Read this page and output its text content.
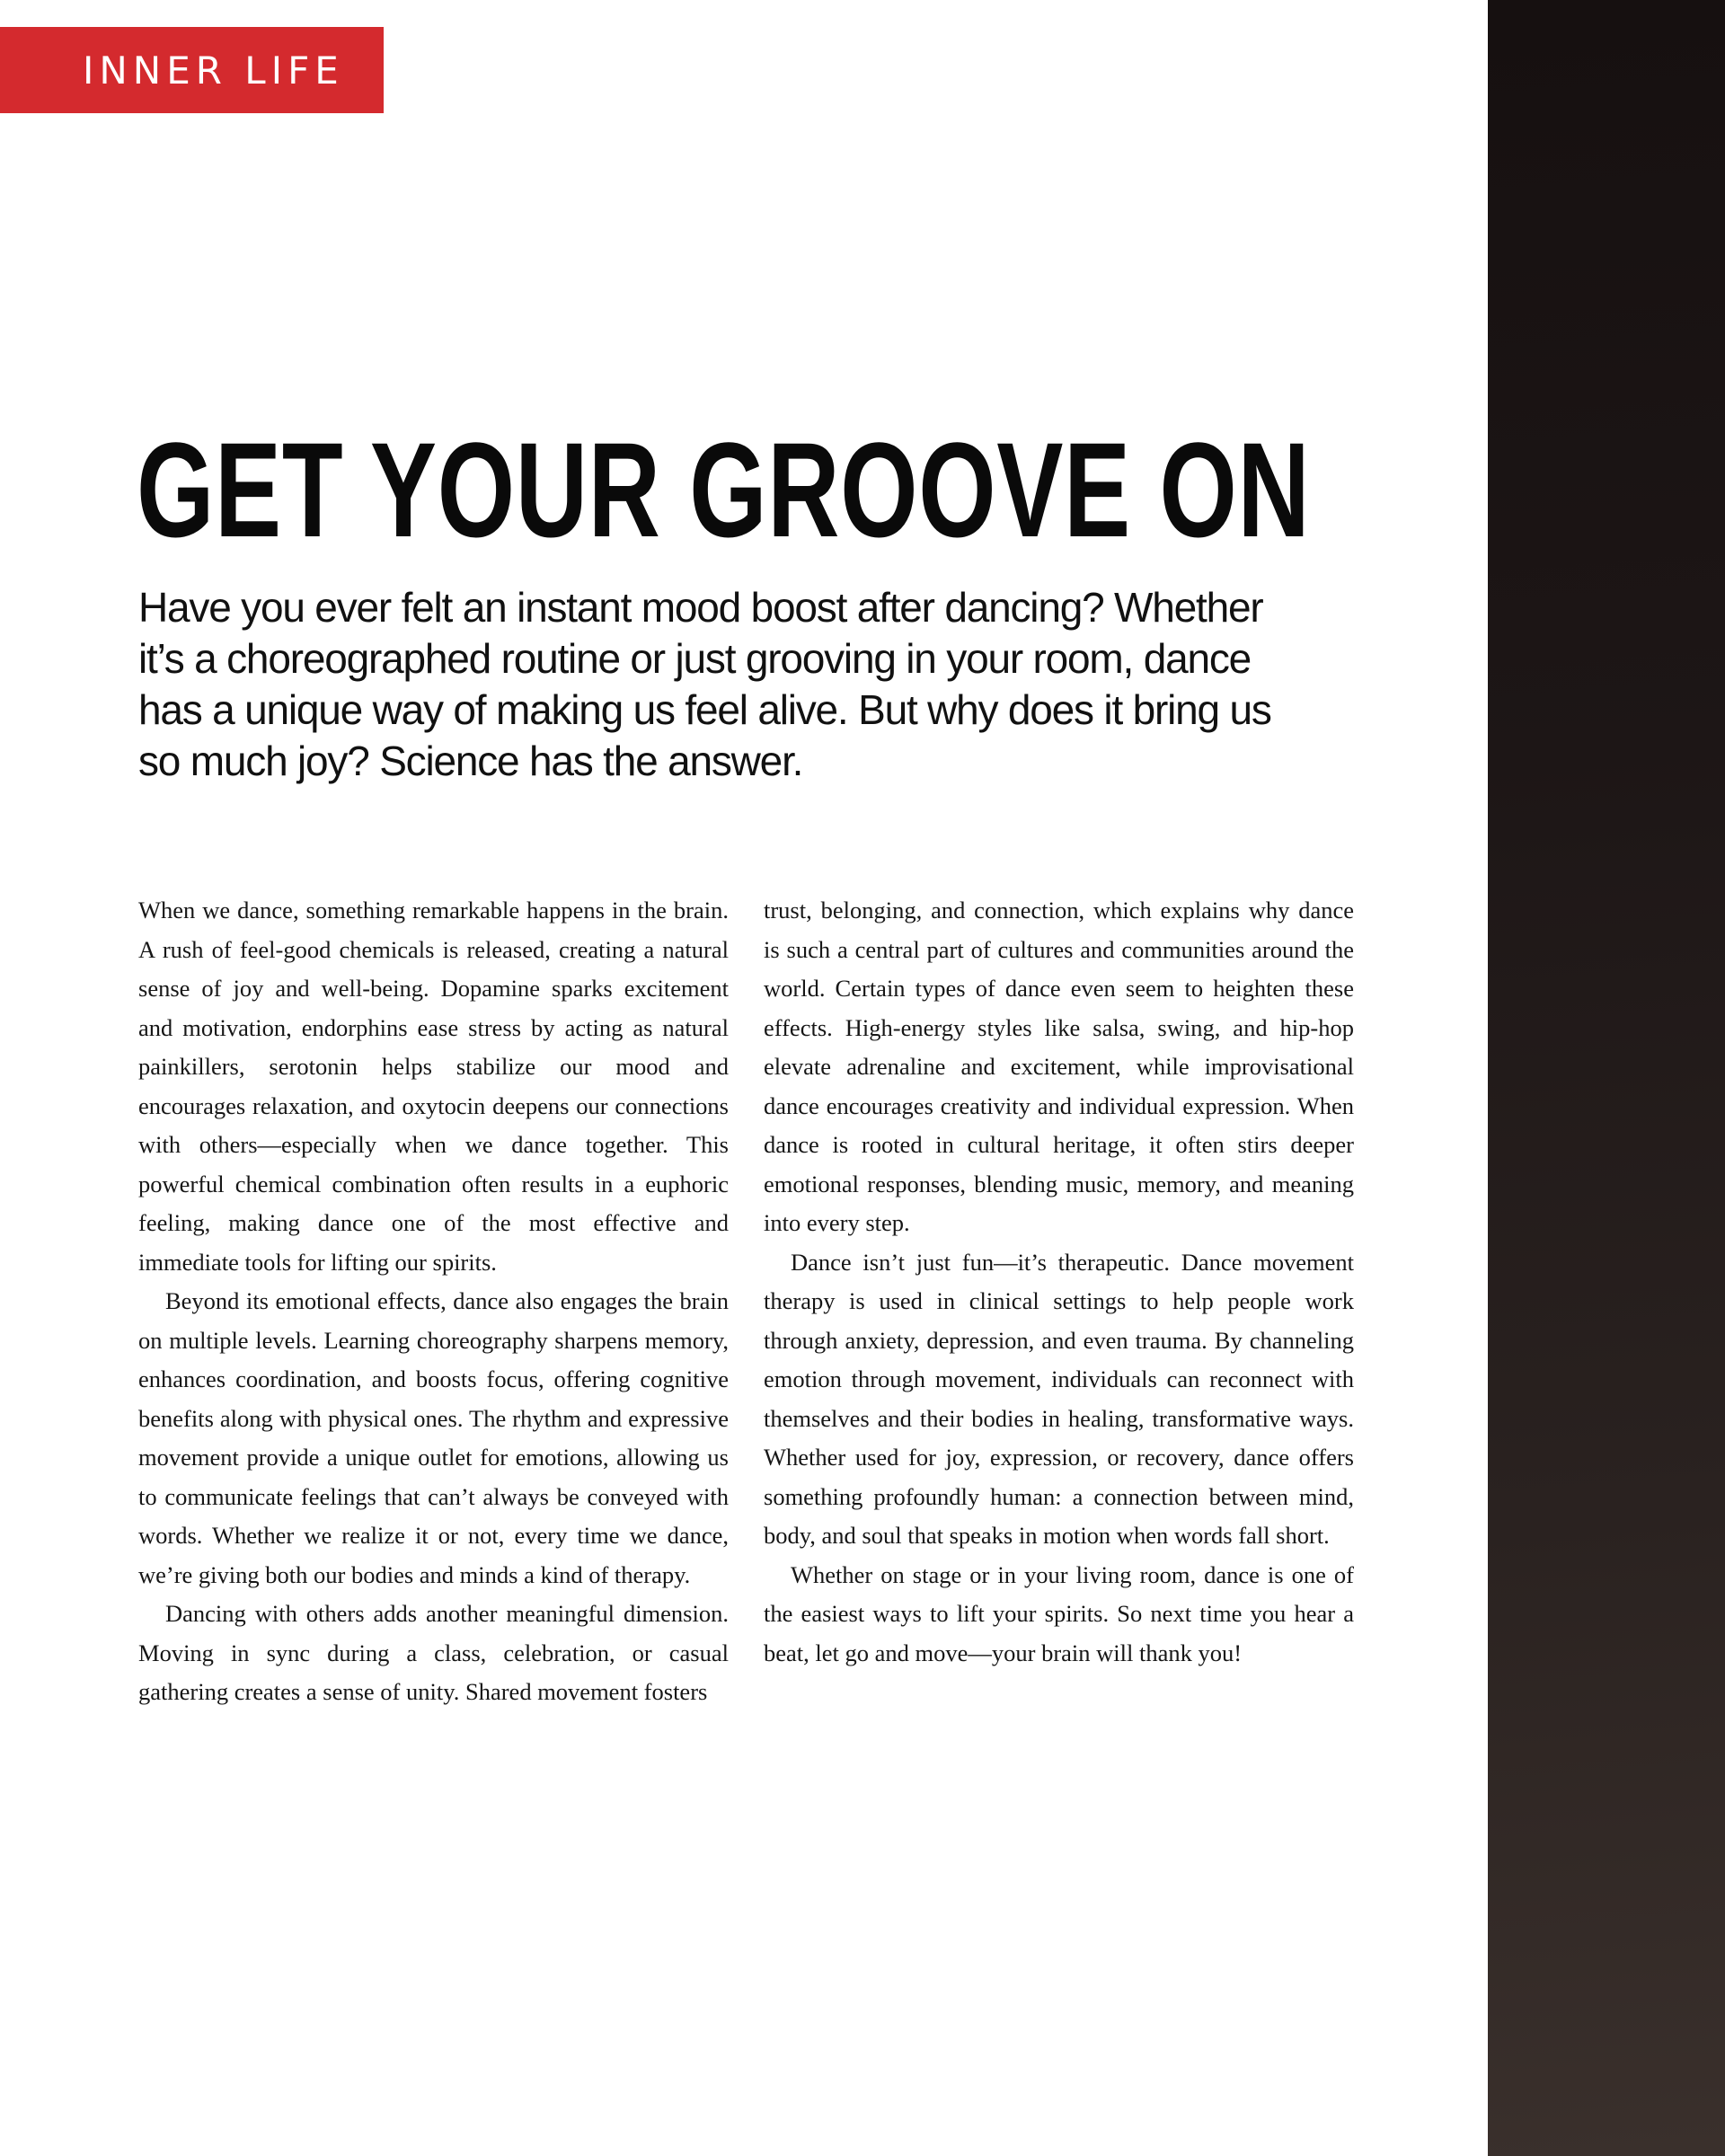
INNER LIFE
GET YOUR GROOVE ON

Have you ever felt an instant mood boost after dancing? Whether it’s a choreographed routine or just grooving in your room, dance has a unique way of making us feel alive. But why does it bring us so much joy? Science has the answer.

When we dance, something remarkable happens in the brain. A rush of feel-good chemicals is released, creating a natural sense of joy and well-being. Dopamine sparks excitement and motivation, endorphins ease stress by acting as natural painkillers, serotonin helps stabilize our mood and encourages relaxation, and oxytocin deepens our connections with others—especially when we dance together. This powerful chemical combination often results in a euphoric feeling, making dance one of the most effective and immediate tools for lifting our spirits.

Beyond its emotional effects, dance also engages the brain on multiple levels. Learning choreography sharpens memory, enhances coordination, and boosts focus, offering cognitive benefits along with physical ones. The rhythm and expressive movement provide a unique outlet for emotions, allowing us to communicate feelings that can’t always be conveyed with words. Whether we realize it or not, every time we dance, we’re giving both our bodies and minds a kind of therapy.

Dancing with others adds another meaningful dimension. Moving in sync during a class, celebration, or casual gathering creates a sense of unity. Shared movement fosters

trust, belonging, and connection, which explains why dance is such a central part of cultures and communities around the world. Certain types of dance even seem to heighten these effects. High-energy styles like salsa, swing, and hip-hop elevate adrenaline and excitement, while improvisational dance encourages creativity and individual expression. When dance is rooted in cultural heritage, it often stirs deeper emotional responses, blending music, memory, and meaning into every step.

Dance isn’t just fun—it’s therapeutic. Dance movement therapy is used in clinical settings to help people work through anxiety, depression, and even trauma. By channeling emotion through movement, individuals can reconnect with themselves and their bodies in healing, transformative ways. Whether used for joy, expression, or recovery, dance offers something profoundly human: a connection between mind, body, and soul that speaks in motion when words fall short.

Whether on stage or in your living room, dance is one of the easiest ways to lift your spirits. So next time you hear a beat, let go and move—your brain will thank you!
